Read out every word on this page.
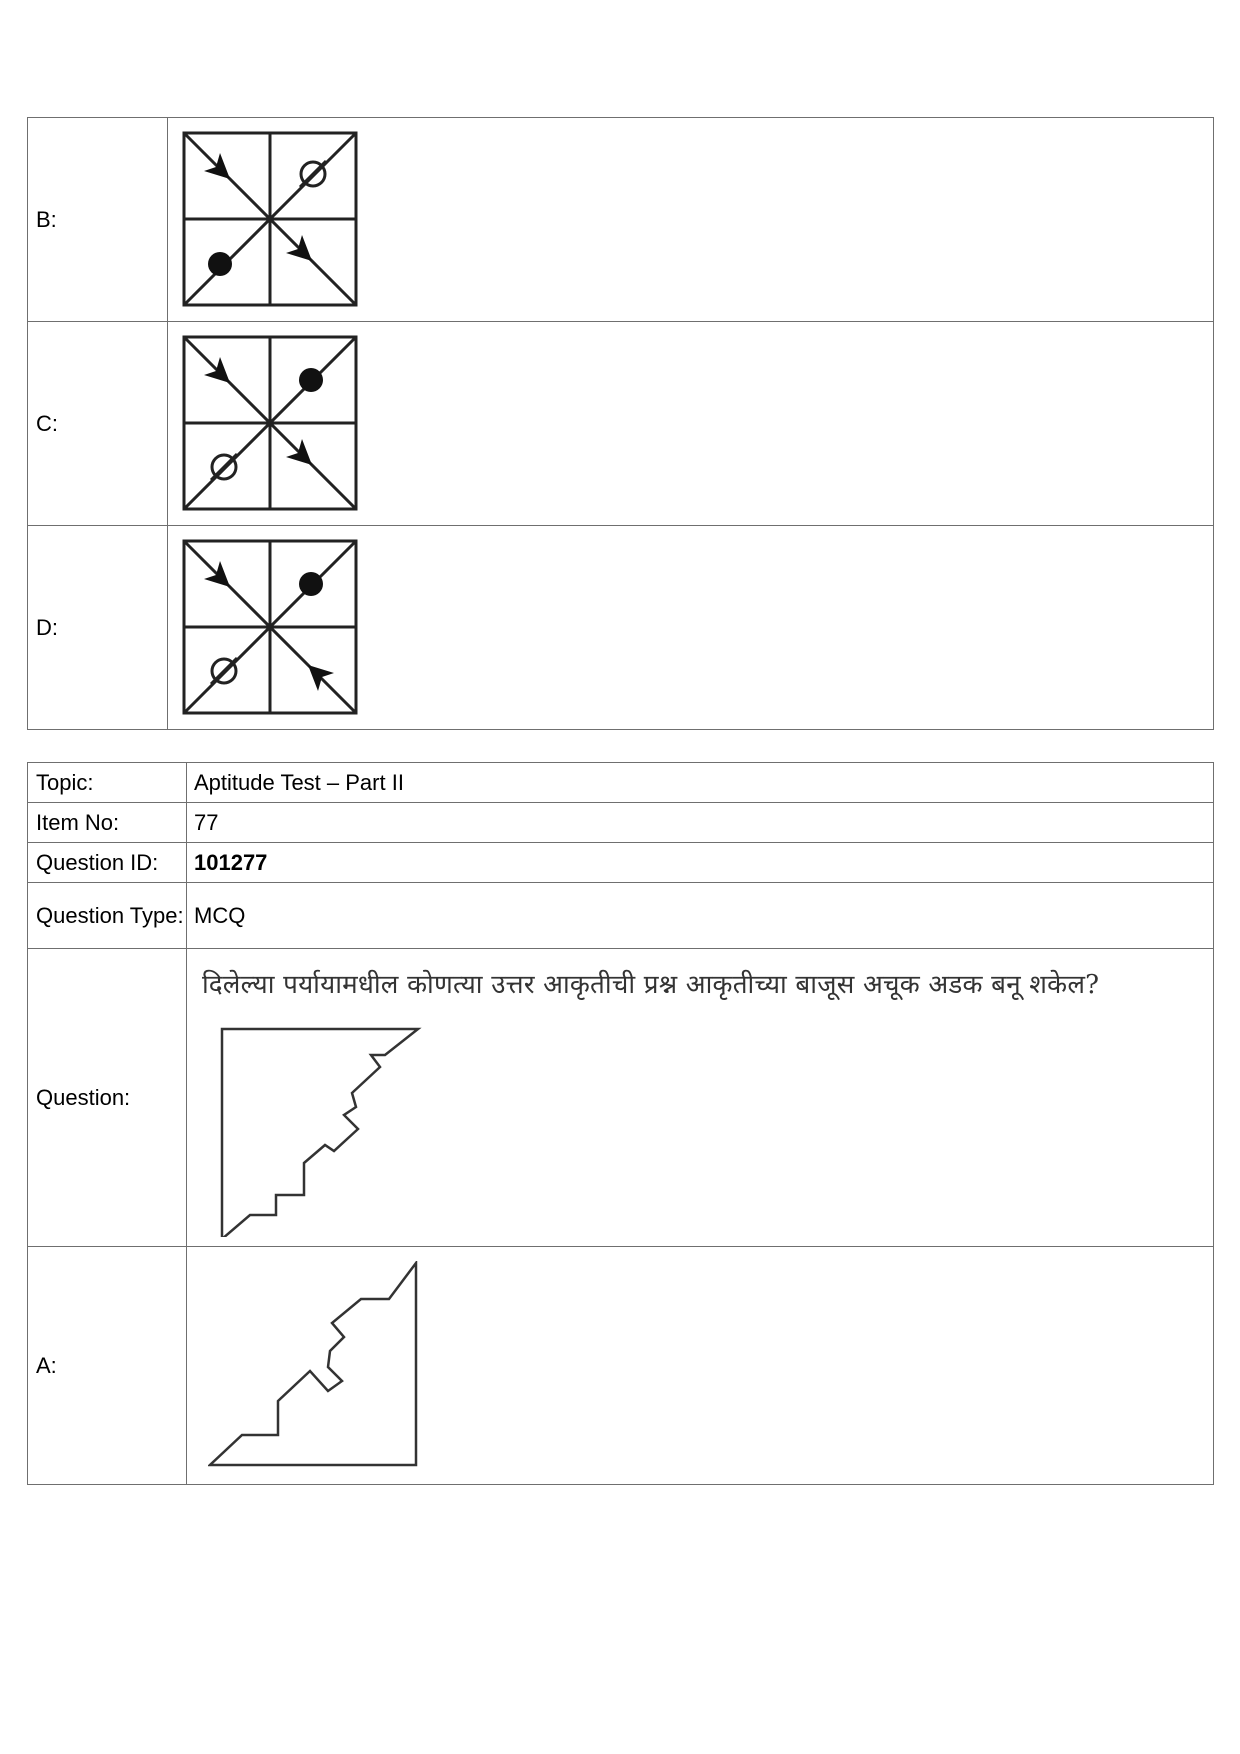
B:	

C:	

D:	
Topic:	Aptitude Test – Part II
Item No:	77
Question ID:	101277
Question Type:	MCQ
Question:	दिलेल्या पर्यायामधील कोणत्या उत्तर आकृतीची प्रश्न आकृतीच्या बाजूस अचूक अडक बनू शकेल?

A:	
